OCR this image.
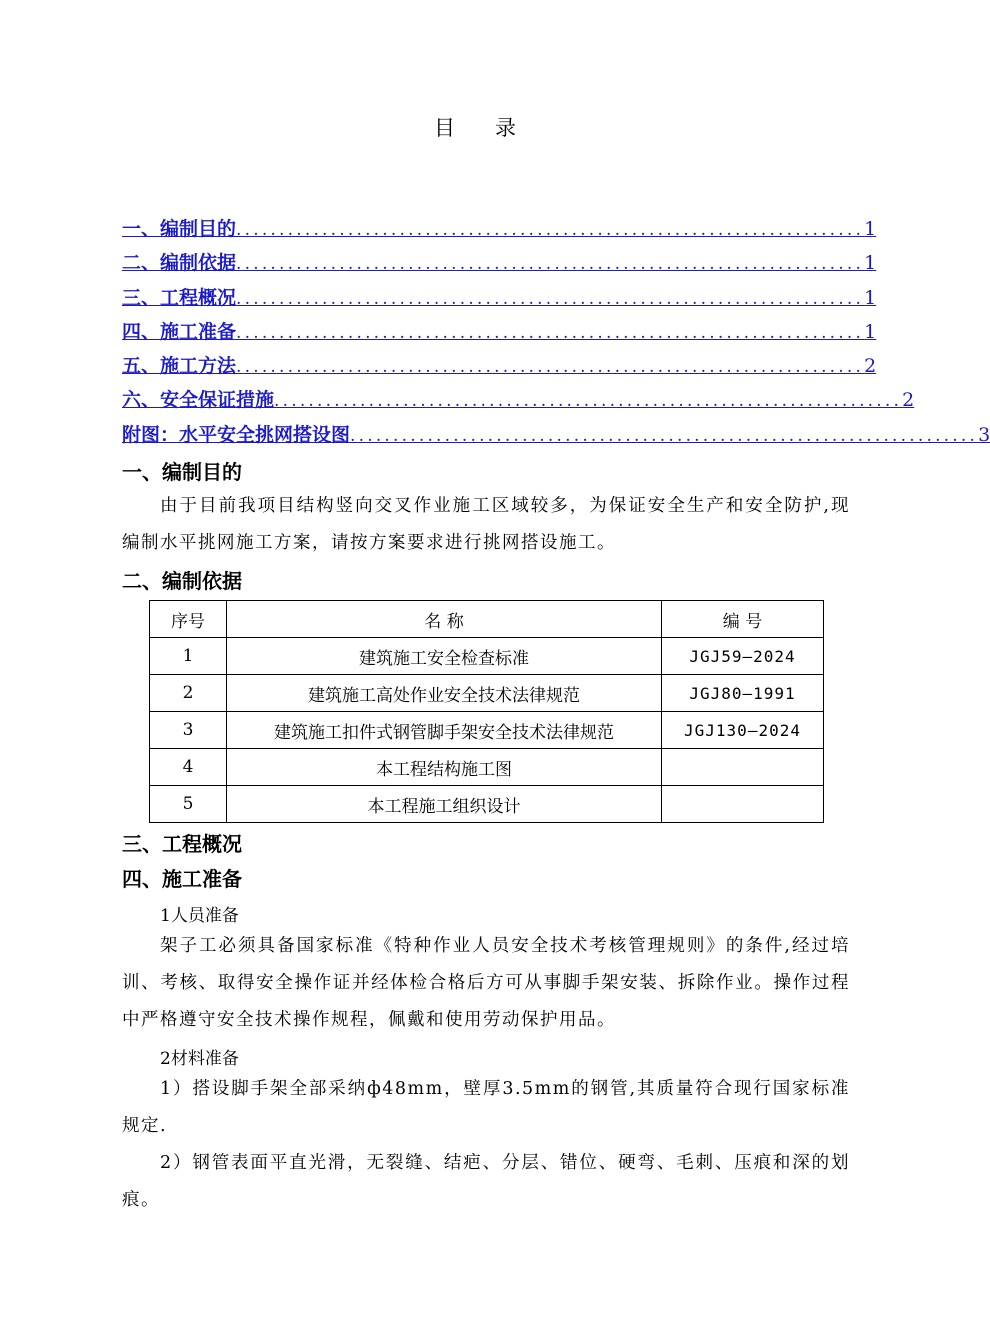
目 录
一、编制目的 ......................................................................... 1
二、编制依据 ......................................................................... 1
三、工程概况 ......................................................................... 1
四、施工准备 ......................................................................... 1
五、施工方法 ......................................................................... 2
六、安全保证措施 ......................................................................... 2
附图：水平安全挑网搭设图 ......................................................................... 3
一、编制目的
由于目前我项目结构竖向交叉作业施工区域较多，为保证安全生产和安全防护,现编制水平挑网施工方案，请按方案要求进行挑网搭设施工。
二、编制依据
序号	名 称	编 号
1	建筑施工安全检查标准	JGJ59—2024
2	建筑施工高处作业安全技术法律规范	JGJ80—1991
3	建筑施工扣件式钢管脚手架安全技术法律规范	JGJ130—2024
4	本工程结构施工图	
5	本工程施工组织设计	
三、工程概况
四、施工准备
1人员准备
架子工必须具备国家标准《特种作业人员安全技术考核管理规则》的条件,经过培训、考核、取得安全操作证并经体检合格后方可从事脚手架安装、拆除作业。操作过程中严格遵守安全技术操作规程，佩戴和使用劳动保护用品。
2材料准备
1）搭设脚手架全部采纳ф48mm，壁厚3.5mm的钢管,其质量符合现行国家标准规定.
2）钢管表面平直光滑，无裂缝、结疤、分层、错位、硬弯、毛刺、压痕和深的划痕。
